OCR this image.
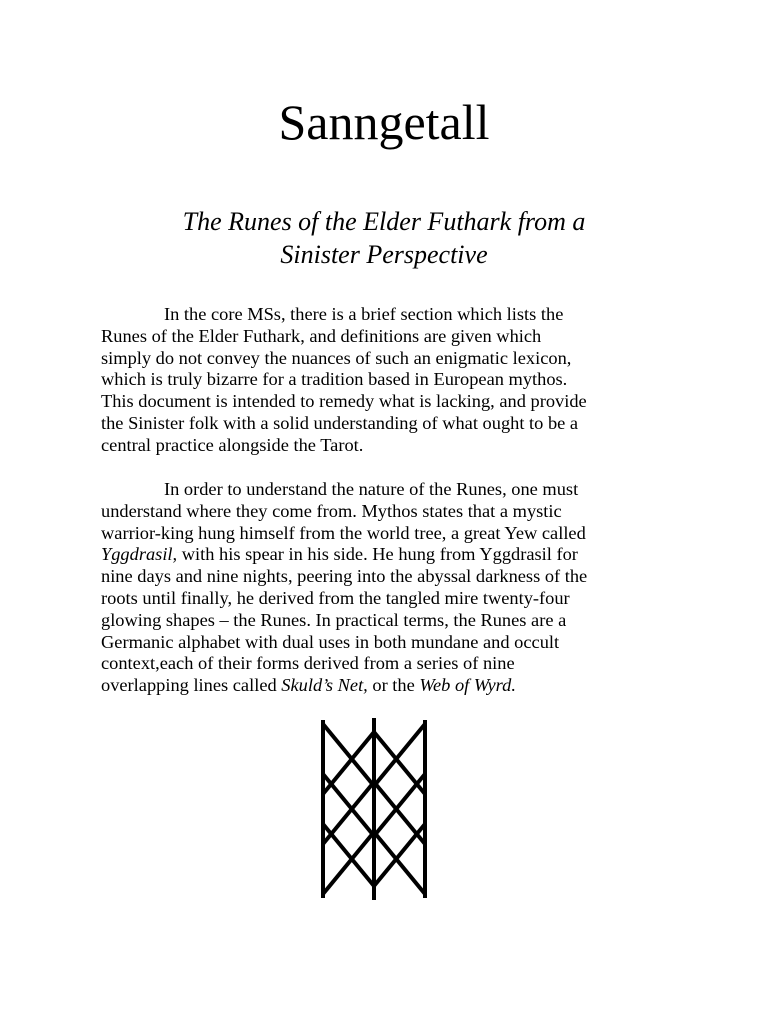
Sanngetall
The Runes of the Elder Futhark from a
Sinister Perspective

In the core MSs, there is a brief section which lists the
Runes of the Elder Futhark, and definitions are given which
simply do not convey the nuances of such an enigmatic lexicon,
which is truly bizarre for a tradition based in European mythos.
This document is intended to remedy what is lacking, and provide
the Sinister folk with a solid understanding of what ought to be a
central practice alongside the Tarot.

In order to understand the nature of the Runes, one must
understand where they come from. Mythos states that a mystic
warrior-king hung himself from the world tree, a great Yew called
Yggdrasil, with his spear in his side. He hung from Yggdrasil for
nine days and nine nights, peering into the abyssal darkness of the
roots until finally, he derived from the tangled mire twenty-four
glowing shapes – the Runes. In practical terms, the Runes are a
Germanic alphabet with dual uses in both mundane and occult
context,each of their forms derived from a series of nine
overlapping lines called Skuld’s Net, or the Web of Wyrd.
